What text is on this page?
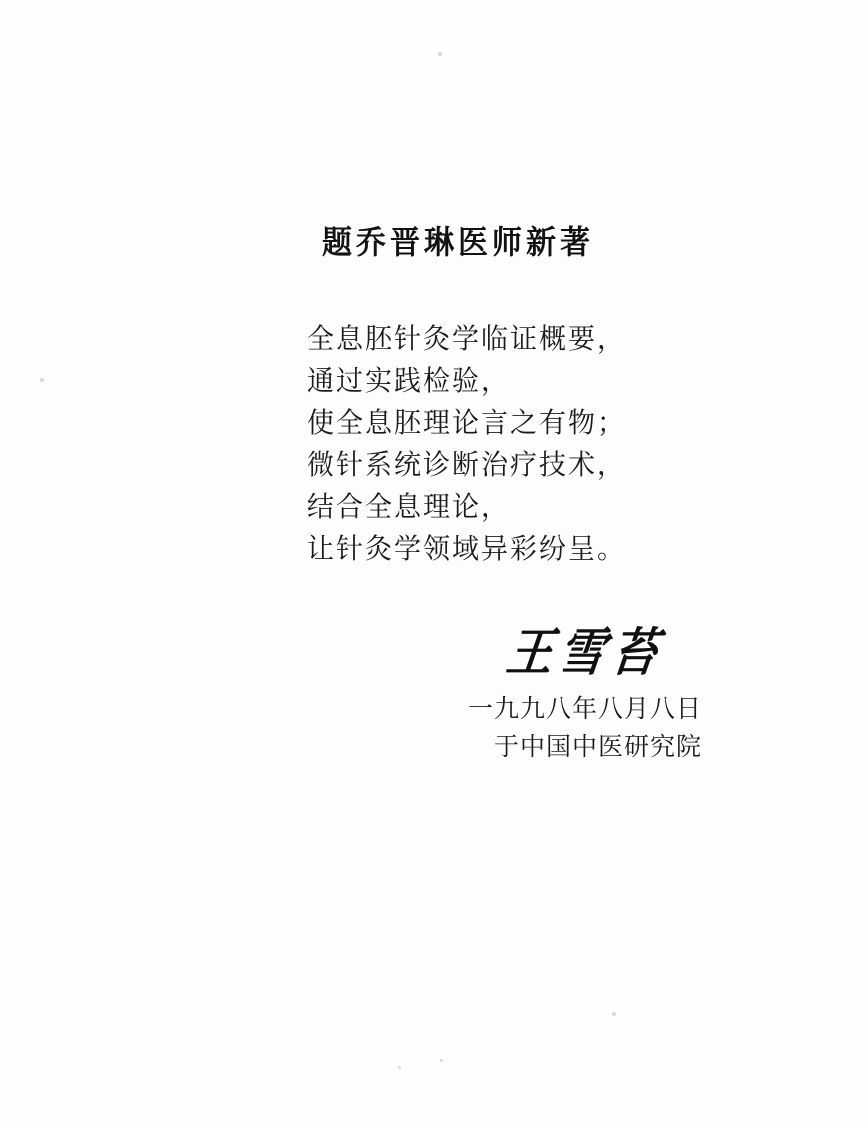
题乔晋琳医师新著
全息胚针灸学临证概要，
通过实践检验，
使全息胚理论言之有物；
微针系统诊断治疗技术，
结合全息理论，
让针灸学领域异彩纷呈。
王雪苔
一九九八年八月八日
于中国中医研究院
